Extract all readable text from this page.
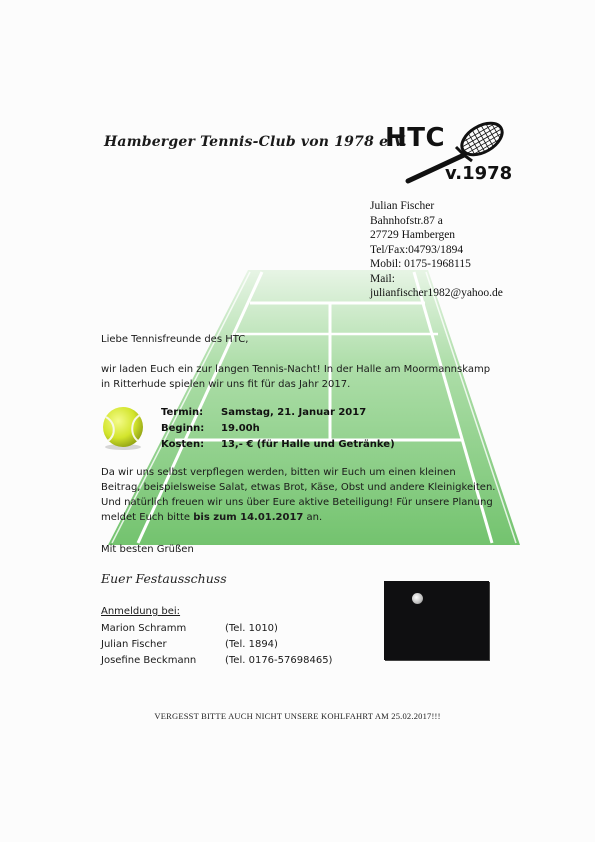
Hamberger Tennis-Club von 1978 e.V.
HTC
v.1978
Julian Fischer
Bahnhofstr.87 a
27729 Hambergen
Tel/Fax:04793/1894
Mobil: 0175-1968115
Mail:
julianfischer1982@yahoo.de
Liebe Tennisfreunde des HTC,
wir laden Euch ein zur langen Tennis-Nacht! In der Halle am Moormannskamp
in Ritterhude spielen wir uns fit für das Jahr 2017.
Termin:	Samstag, 21. Januar 2017
Beginn:	19.00h
Kosten:	13,- € (für Halle und Getränke)
Da wir uns selbst verpflegen werden, bitten wir Euch um einen kleinen
Beitrag, beispielsweise Salat, etwas Brot, Käse, Obst und andere Kleinigkeiten.
Und natürlich freuen wir uns über Eure aktive Beteiligung! Für unsere Planung
meldet Euch bitte bis zum 14.01.2017 an.
Mit besten Grüßen
Euer Festausschuss
Anmeldung bei:
Marion Schramm	(Tel. 1010)
Julian Fischer	(Tel. 1894)
Josefine Beckmann	(Tel. 0176-57698465)
VERGESST BITTE AUCH NICHT UNSERE KOHLFAHRT AM 25.02.2017!!!
